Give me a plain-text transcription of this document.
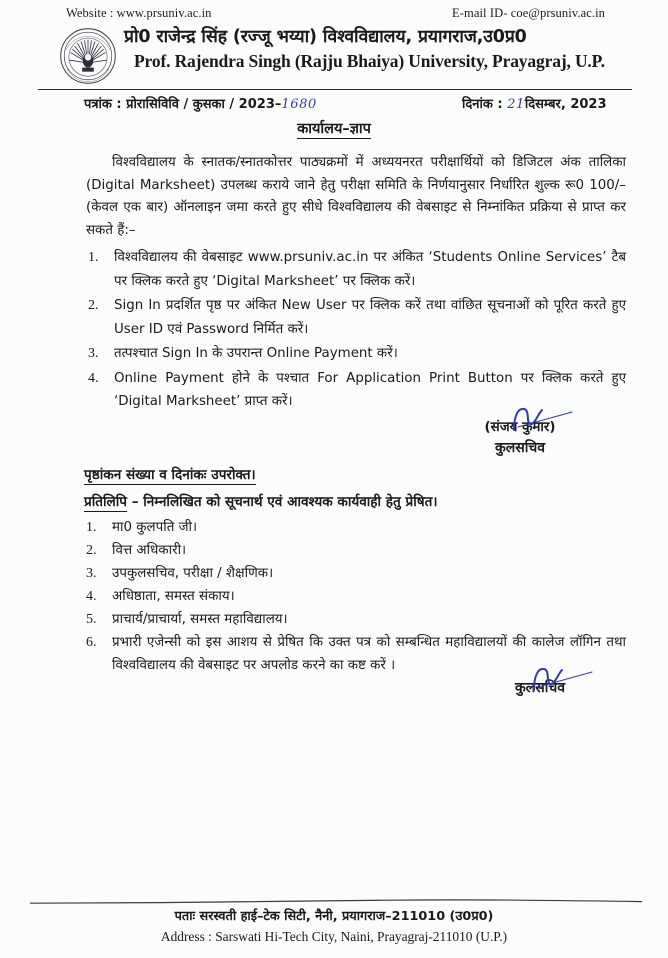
Website : www.prsuniv.ac.in	E-mail ID- coe@prsuniv.ac.in
प्रो0 राजेन्द्र सिंह (रज्जू भय्या) विश्वविद्यालय, प्रयागराज,उ0प्र0
Prof. Rajendra Singh (Rajju Bhaiya) University, Prayagraj, U.P.
पत्रांक : प्रोरासिविवि / कुसका / 2023–1680	दिनांक : 21दिसम्बर, 2023
कार्यालय–ज्ञाप

विश्वविद्यालय के स्नातक/स्नातकोत्तर पाठ्यक्रमों में अध्ययनरत परीक्षार्थियों को डिजिटल अंक तालिका (Digital Marksheet) उपलब्ध कराये जाने हेतु परीक्षा समिति के निर्णयानुसार निर्धारित शुल्क रू0 100/– (केवल एक बार) ऑनलाइन जमा करते हुए सीधे विश्वविद्यालय की वेबसाइट से निम्नांकित प्रक्रिया से प्राप्त कर सकते हैं:–

1. विश्वविद्यालय की वेबसाइट www.prsuniv.ac.in पर अंकित ‘Students Online Services’ टैब पर क्लिक करते हुए ‘Digital Marksheet’ पर क्लिक करें।
2. Sign In प्रदर्शित पृष्ठ पर अंकित New User पर क्लिक करें तथा वांछित सूचनाओं को पूरित करते हुए User ID एवं Password निर्मित करें।
3. तत्पश्चात Sign In के उपरान्त Online Payment करें।
4. Online Payment होने के पश्चात For Application Print Button पर क्लिक करते हुए ‘Digital Marksheet’ प्राप्त करें।
(संजय कुमार)
कुलसचिव

पृष्ठांकन संख्या व दिनांकः उपरोक्त।

प्रतिलिपि – निम्नलिखित को सूचनार्थ एवं आवश्यक कार्यवाही हेतु प्रेषित।

1. मा0 कुलपति जी।
2. वित्त अधिकारी।
3. उपकुलसचिव, परीक्षा / शैक्षणिक।
4. अधिष्ठाता, समस्त संकाय।
5. प्राचार्य/प्राचार्या, समस्त महाविद्यालय।
6. प्रभारी एजेन्सी को इस आशय से प्रेषित कि उक्त पत्र को सम्बन्धित महाविद्यालयों की कालेज लॉगिन तथा विश्वविद्यालय की वेबसाइट पर अपलोड करने का कष्ट करें ।
कुलसचिव
पताः सरस्वती हाई–टेक सिटी, नैनी, प्रयागराज–211010 (उ0प्र0)
Address : Sarswati Hi-Tech City, Naini, Prayagraj-211010 (U.P.)
